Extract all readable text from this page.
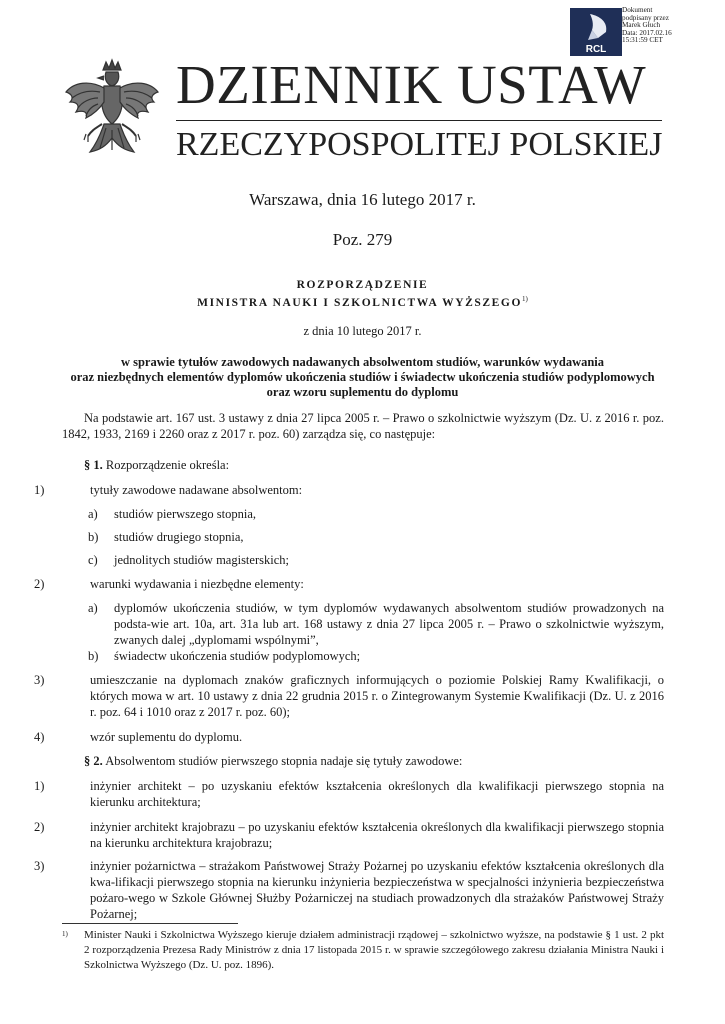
RCL
Dokument
podpisany przez
Marek Głuch
Data: 2017.02.16
15:31:59 CET
DZIENNIK USTAW
RZECZYPOSPOLITEJ POLSKIEJ
Warszawa, dnia 16 lutego 2017 r.
Poz. 279
ROZPORZĄDZENIE
MINISTRA NAUKI I SZKOLNICTWA WYŻSZEGO$^{1)}$
z dnia 10 lutego 2017 r.
w sprawie tytułów zawodowych nadawanych absolwentom studiów, warunków wydawania
oraz niezbędnych elementów dyplomów ukończenia studiów i świadectw ukończenia studiów podyplomowych
oraz wzoru suplementu do dyplomu
Na podstawie art. 167 ust. 3 ustawy z dnia 27 lipca 2005 r. – Prawo o szkolnictwie wyższym (Dz. U. z 2016 r. poz. 1842, 1933, 2169 i 2260 oraz z 2017 r. poz. 60) zarządza się, co następuje:
§ 1. Rozporządzenie określa:
1)	tytuły zawodowe nadawane absolwentom:
a)	studiów pierwszego stopnia,
b)	studiów drugiego stopnia,
c)	jednolitych studiów magisterskich;
2)	warunki wydawania i niezbędne elementy:
a)	dyplomów ukończenia studiów, w tym dyplomów wydawanych absolwentom studiów prowadzonych na podsta-wie art. 10a, art. 31a lub art. 168 ustawy z dnia 27 lipca 2005 r. – Prawo o szkolnictwie wyższym, zwanych dalej „dyplomami wspólnymi”,
b)	świadectw ukończenia studiów podyplomowych;
3)	umieszczanie na dyplomach znaków graficznych informujących o poziomie Polskiej Ramy Kwalifikacji, o których mowa w art. 10 ustawy z dnia 22 grudnia 2015 r. o Zintegrowanym Systemie Kwalifikacji (Dz. U. z 2016 r. poz. 64 i 1010 oraz z 2017 r. poz. 60);
4)	wzór suplementu do dyplomu.
§ 2. Absolwentom studiów pierwszego stopnia nadaje się tytuły zawodowe:
1)	inżynier architekt – po uzyskaniu efektów kształcenia określonych dla kwalifikacji pierwszego stopnia na kierunku architektura;
2)	inżynier architekt krajobrazu – po uzyskaniu efektów kształcenia określonych dla kwalifikacji pierwszego stopnia na kierunku architektura krajobrazu;
3)	inżynier pożarnictwa – strażakom Państwowej Straży Pożarnej po uzyskaniu efektów kształcenia określonych dla kwa-lifikacji pierwszego stopnia na kierunku inżynieria bezpieczeństwa w specjalności inżynieria bezpieczeństwa pożaro-wego w Szkole Głównej Służby Pożarniczej na studiach prowadzonych dla strażaków Państwowej Straży Pożarnej;
1) Minister Nauki i Szkolnictwa Wyższego kieruje działem administracji rządowej – szkolnictwo wyższe, na podstawie § 1 ust. 2 pkt 2 rozporządzenia Prezesa Rady Ministrów z dnia 17 listopada 2015 r. w sprawie szczegółowego zakresu działania Ministra Nauki i Szkolnictwa Wyższego (Dz. U. poz. 1896).
